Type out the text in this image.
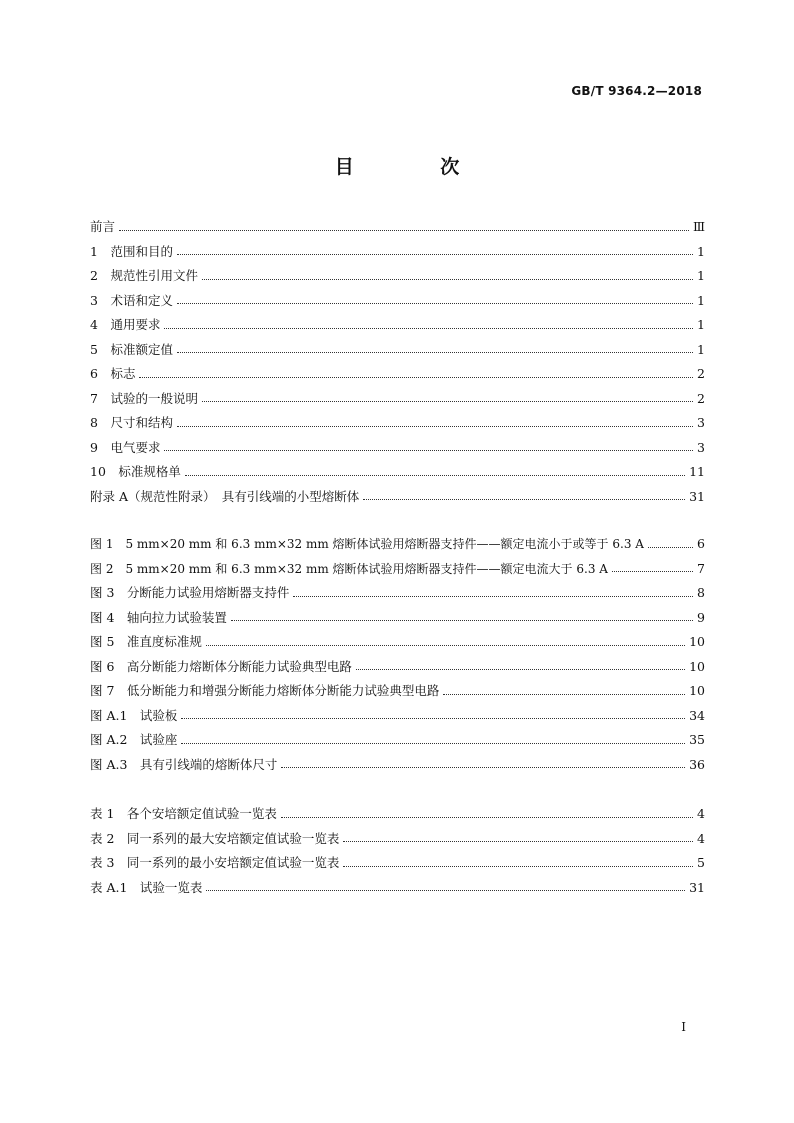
GB/T 9364.2—2018
目 次
前言	Ⅲ
1　范围和目的	1
2　规范性引用文件	1
3　术语和定义	1
4　通用要求	1
5　标准额定值	1
6　标志	2
7　试验的一般说明	2
8　尺寸和结构	3
9　电气要求	3
10　标准规格单	11
附录 A（规范性附录）　具有引线端的小型熔断体	31
图 1　5 mm×20 mm 和 6.3 mm×32 mm 熔断体试验用熔断器支持件——额定电流小于或等于 6.3 A	6
图 2　5 mm×20 mm 和 6.3 mm×32 mm 熔断体试验用熔断器支持件——额定电流大于 6.3 A	7
图 3　分断能力试验用熔断器支持件	8
图 4　轴向拉力试验装置	9
图 5　准直度标准规	10
图 6　高分断能力熔断体分断能力试验典型电路	10
图 7　低分断能力和增强分断能力熔断体分断能力试验典型电路	10
图 A.1　试验板	34
图 A.2　试验座	35
图 A.3　具有引线端的熔断体尺寸	36
表 1　各个安培额定值试验一览表	4
表 2　同一系列的最大安培额定值试验一览表	4
表 3　同一系列的最小安培额定值试验一览表	5
表 A.1　试验一览表	31
I
